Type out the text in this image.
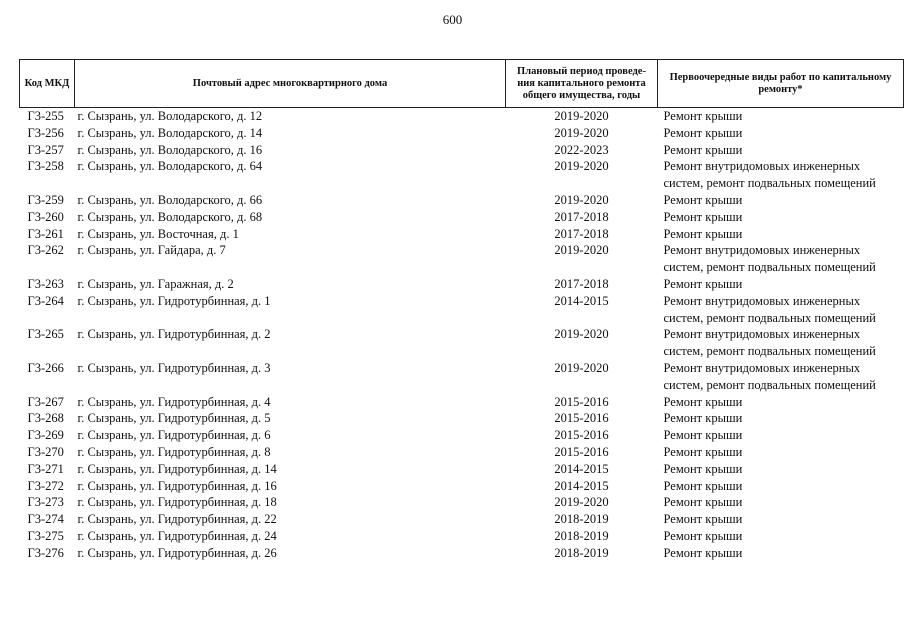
600
Код МКД	Почтовый адрес многоквартирного дома	Плановый период проведе-ния капитального ремонта общего имущества, годы	Первоочередные виды работ по капитальному ремонту*
Г3-255	г. Сызрань, ул. Володарского, д. 12	2019-2020	Ремонт крыши
Г3-256	г. Сызрань, ул. Володарского, д. 14	2019-2020	Ремонт крыши
Г3-257	г. Сызрань, ул. Володарского, д. 16	2022-2023	Ремонт крыши
Г3-258	г. Сызрань, ул. Володарского, д. 64	2019-2020	Ремонт внутридомовых инженерных систем, ремонт подвальных помещений
Г3-259	г. Сызрань, ул. Володарского, д. 66	2019-2020	Ремонт крыши
Г3-260	г. Сызрань, ул. Володарского, д. 68	2017-2018	Ремонт крыши
Г3-261	г. Сызрань, ул. Восточная, д. 1	2017-2018	Ремонт крыши
Г3-262	г. Сызрань, ул. Гайдара, д. 7	2019-2020	Ремонт внутридомовых инженерных систем, ремонт подвальных помещений
Г3-263	г. Сызрань, ул. Гаражная, д. 2	2017-2018	Ремонт крыши
Г3-264	г. Сызрань, ул. Гидротурбинная, д. 1	2014-2015	Ремонт внутридомовых инженерных систем, ремонт подвальных помещений
Г3-265	г. Сызрань, ул. Гидротурбинная, д. 2	2019-2020	Ремонт внутридомовых инженерных систем, ремонт подвальных помещений
Г3-266	г. Сызрань, ул. Гидротурбинная, д. 3	2019-2020	Ремонт внутридомовых инженерных систем, ремонт подвальных помещений
Г3-267	г. Сызрань, ул. Гидротурбинная, д. 4	2015-2016	Ремонт крыши
Г3-268	г. Сызрань, ул. Гидротурбинная, д. 5	2015-2016	Ремонт крыши
Г3-269	г. Сызрань, ул. Гидротурбинная, д. 6	2015-2016	Ремонт крыши
Г3-270	г. Сызрань, ул. Гидротурбинная, д. 8	2015-2016	Ремонт крыши
Г3-271	г. Сызрань, ул. Гидротурбинная, д. 14	2014-2015	Ремонт крыши
Г3-272	г. Сызрань, ул. Гидротурбинная, д. 16	2014-2015	Ремонт крыши
Г3-273	г. Сызрань, ул. Гидротурбинная, д. 18	2019-2020	Ремонт крыши
Г3-274	г. Сызрань, ул. Гидротурбинная, д. 22	2018-2019	Ремонт крыши
Г3-275	г. Сызрань, ул. Гидротурбинная, д. 24	2018-2019	Ремонт крыши
Г3-276	г. Сызрань, ул. Гидротурбинная, д. 26	2018-2019	Ремонт крыши
